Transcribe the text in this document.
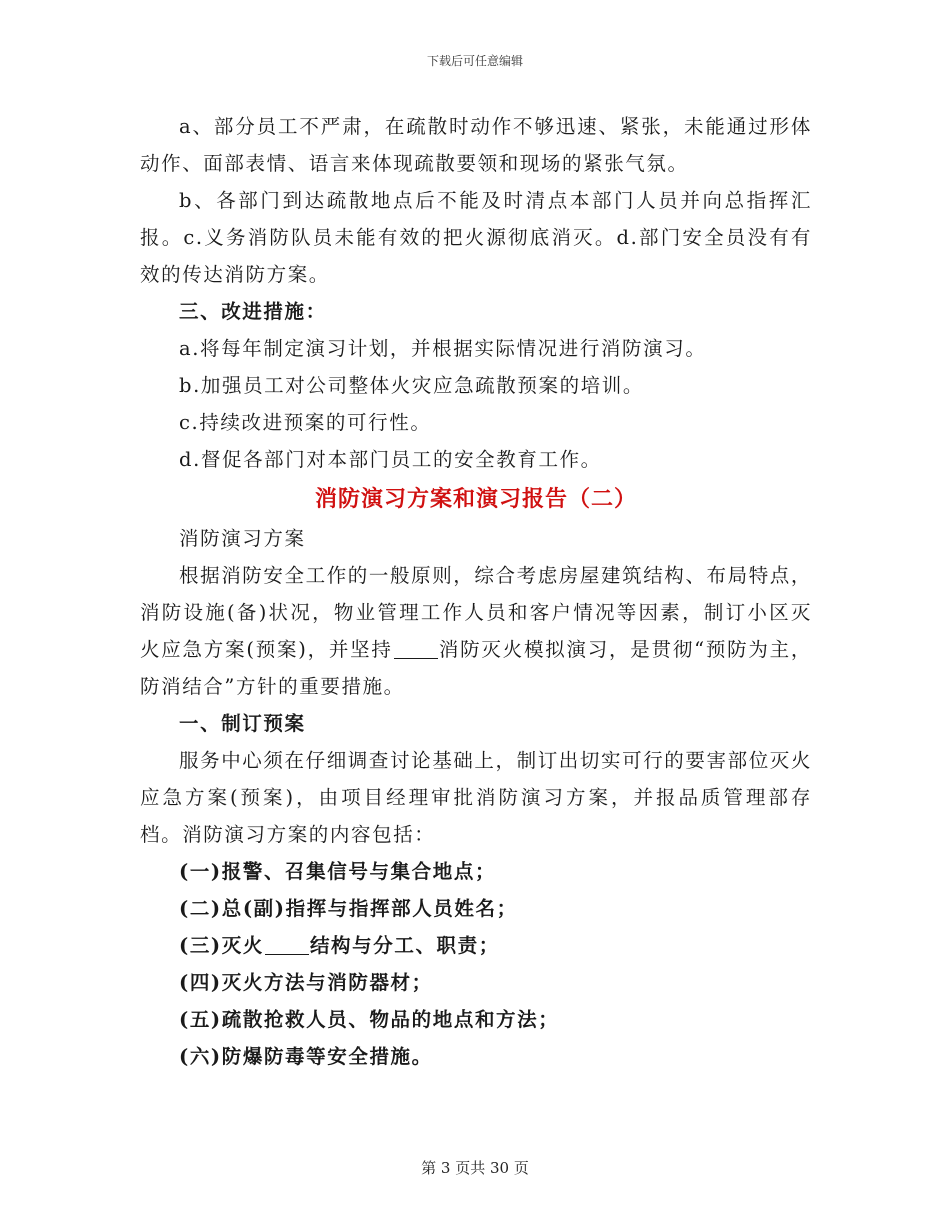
下载后可任意编辑

a、部分员工不严肃，在疏散时动作不够迅速、紧张，未能通过形体动作、面部表情、语言来体现疏散要领和现场的紧张气氛。

b、各部门到达疏散地点后不能及时清点本部门人员并向总指挥汇报。c.义务消防队员未能有效的把火源彻底消灭。d.部门安全员没有有效的传达消防方案。

三、改进措施：

a.将每年制定演习计划，并根据实际情况进行消防演习。

b.加强员工对公司整体火灾应急疏散预案的培训。

c.持续改进预案的可行性。

d.督促各部门对本部门员工的安全教育工作。

消防演习方案和演习报告（二）

消防演习方案

根据消防安全工作的一般原则，综合考虑房屋建筑结构、布局特点，消防设施(备)状况，物业管理工作人员和客户情况等因素，制订小区灭火应急方案(预案)，并坚持 消防灭火模拟演习，是贯彻“预防为主，防消结合”方针的重要措施。

一、制订预案

服务中心须在仔细调查讨论基础上，制订出切实可行的要害部位灭火应急方案(预案)，由项目经理审批消防演习方案，并报品质管理部存档。消防演习方案的内容包括：

(一)报警、召集信号与集合地点；

(二)总(副)指挥与指挥部人员姓名；

(三)灭火 结构与分工、职责；

(四)灭火方法与消防器材；

(五)疏散抢救人员、物品的地点和方法；

(六)防爆防毒等安全措施。

第 3 页共 30 页
